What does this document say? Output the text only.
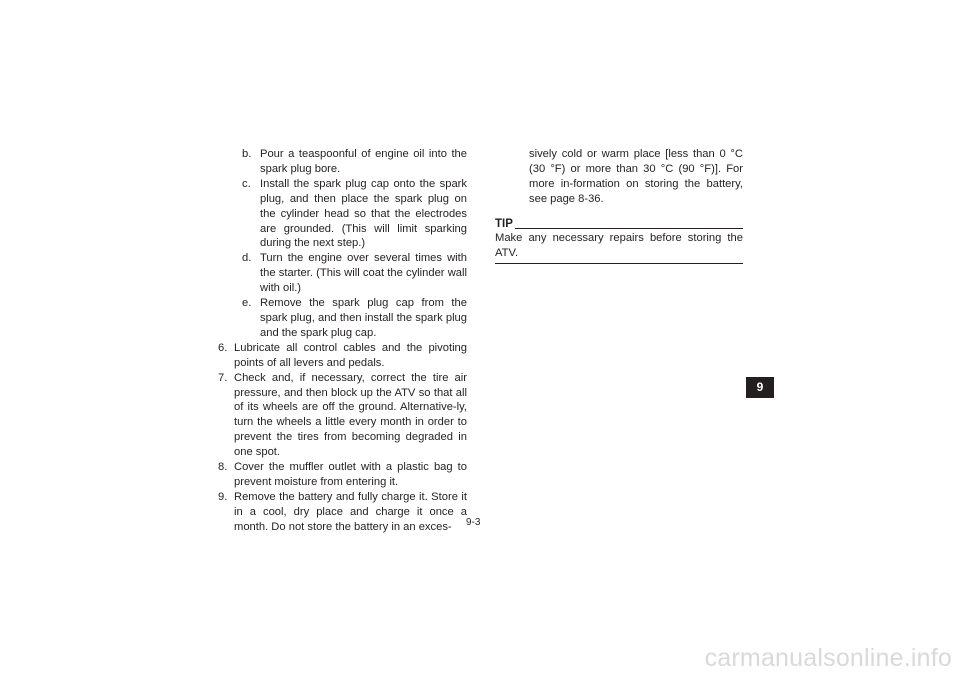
b. Pour a teaspoonful of engine oil into the spark plug bore.
c. Install the spark plug cap onto the spark plug, and then place the spark plug on the cylinder head so that the electrodes are grounded. (This will limit sparking during the next step.)
d. Turn the engine over several times with the starter. (This will coat the cylinder wall with oil.)
e. Remove the spark plug cap from the spark plug, and then install the spark plug and the spark plug cap.
6. Lubricate all control cables and the pivoting points of all levers and pedals.
7. Check and, if necessary, correct the tire air pressure, and then block up the ATV so that all of its wheels are off the ground. Alternative-ly, turn the wheels a little every month in order to prevent the tires from becoming degraded in one spot.
8. Cover the muffler outlet with a plastic bag to prevent moisture from entering it.
9. Remove the battery and fully charge it. Store it in a cool, dry place and charge it once a month. Do not store the battery in an exces-

sively cold or warm place [less than 0 °C (30 °F) or more than 30 °C (90 °F)]. For more in-formation on storing the battery, see page 8-36.

TIP

Make any necessary repairs before storing the ATV.

9
9-3
carmanualsonline.info
